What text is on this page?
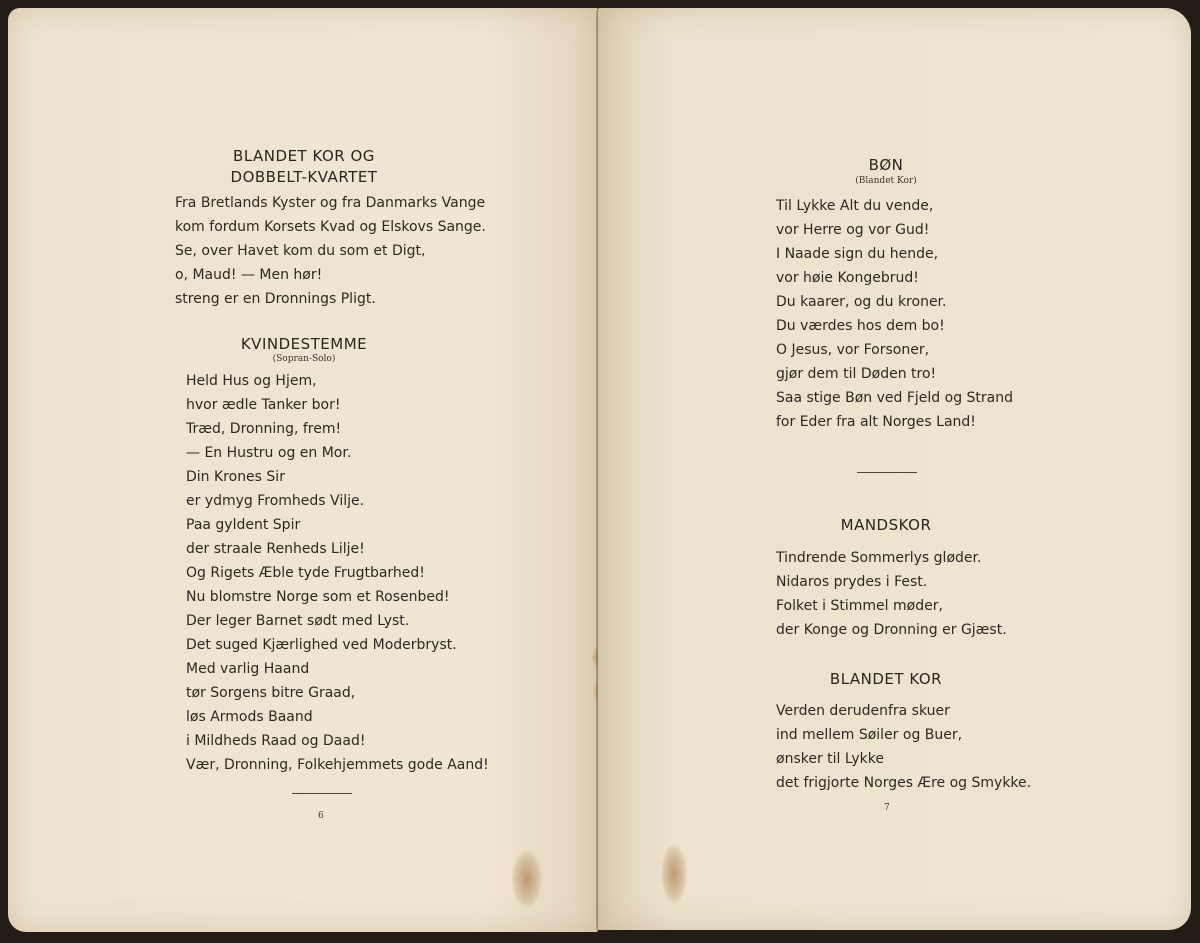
BLANDET KOR OG
DOBBELT-KVARTET
Fra Bretlands Kyster og fra Danmarks Vange
kom fordum Korsets Kvad og Elskovs Sange.
Se, over Havet kom du som et Digt,
o, Maud! — Men hør!
streng er en Dronnings Pligt.
KVINDESTEMME
(Sopran-Solo)
Held Hus og Hjem,
hvor ædle Tanker bor!
Træd, Dronning, frem!
— En Hustru og en Mor.
Din Krones Sir
er ydmyg Fromheds Vilje.
Paa gyldent Spir
der straale Renheds Lilje!
Og Rigets Æble tyde Frugtbarhed!
Nu blomstre Norge som et Rosenbed!
Der leger Barnet sødt med Lyst.
Det suged Kjærlighed ved Moderbryst.
Med varlig Haand
tør Sorgens bitre Graad,
løs Armods Baand
i Mildheds Raad og Daad!
Vær, Dronning, Folkehjemmets gode Aand!
6
BØN
(Blandet Kor)
Til Lykke Alt du vende,
vor Herre og vor Gud!
I Naade sign du hende,
vor høie Kongebrud!
Du kaarer, og du kroner.
Du værdes hos dem bo!
O Jesus, vor Forsoner,
gjør dem til Døden tro!
Saa stige Bøn ved Fjeld og Strand
for Eder fra alt Norges Land!
MANDSKOR
Tindrende Sommerlys gløder.
Nidaros prydes i Fest.
Folket i Stimmel møder,
der Konge og Dronning er Gjæst.
BLANDET KOR
Verden derudenfra skuer
ind mellem Søiler og Buer,
ønsker til Lykke
det frigjorte Norges Ære og Smykke.
7
